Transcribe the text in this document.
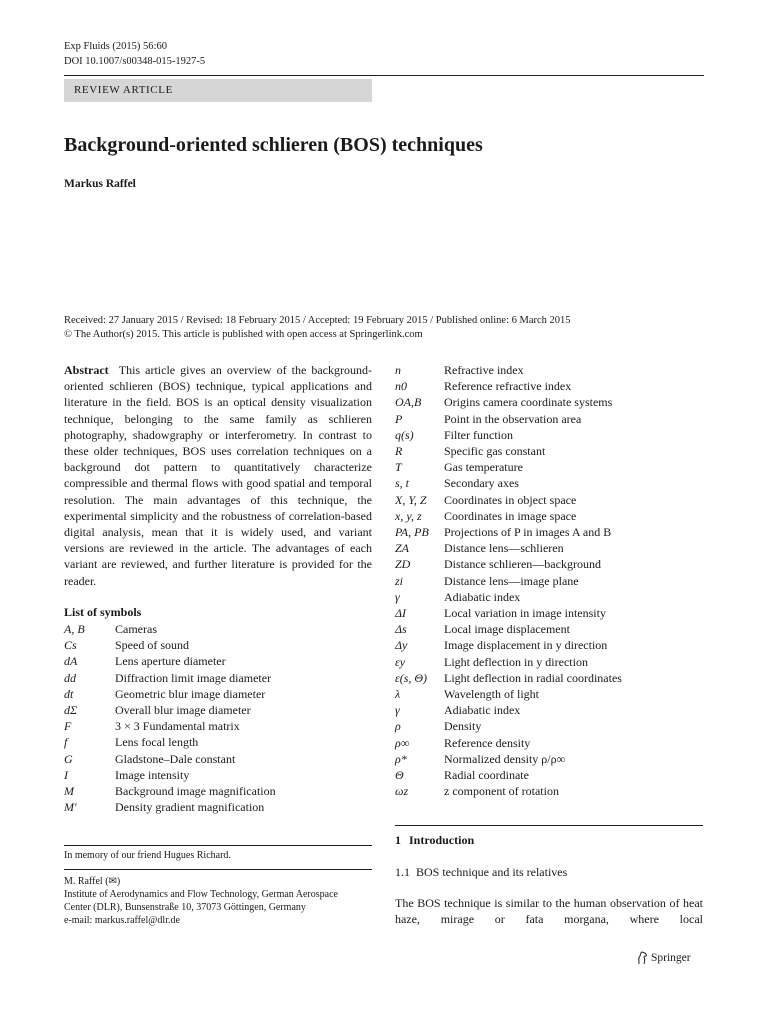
Exp Fluids (2015) 56:60
DOI 10.1007/s00348-015-1927-5
REVIEW ARTICLE
Background-oriented schlieren (BOS) techniques
Markus Raffel
Received: 27 January 2015 / Revised: 18 February 2015 / Accepted: 19 February 2015 / Published online: 6 March 2015
© The Author(s) 2015. This article is published with open access at Springerlink.com
Abstract This article gives an overview of the background-oriented schlieren (BOS) technique, typical applications and literature in the field. BOS is an optical density visualization technique, belonging to the same family as schlieren photography, shadowgraphy or interferometry. In contrast to these older techniques, BOS uses correlation techniques on a background dot pattern to quantitatively characterize compressible and thermal flows with good spatial and temporal resolution. The main advantages of this technique, the experimental simplicity and the robustness of correlation-based digital analysis, mean that it is widely used, and variant versions are reviewed in the article. The advantages of each variant are reviewed, and further literature is provided for the reader.
List of symbols
A, B	Cameras
Cs	Speed of sound
dA	Lens aperture diameter
dd	Diffraction limit image diameter
dt	Geometric blur image diameter
dΣ	Overall blur image diameter
F	3 × 3 Fundamental matrix
f	Lens focal length
G	Gladstone–Dale constant
I	Image intensity
M	Background image magnification
M′	Density gradient magnification
n	Refractive index
n0	Reference refractive index
OA,B	Origins camera coordinate systems
P	Point in the observation area
q(s)	Filter function
R	Specific gas constant
T	Gas temperature
s, t	Secondary axes
X, Y, Z	Coordinates in object space
x, y, z	Coordinates in image space
PA, PB	Projections of P in images A and B
ZA	Distance lens—schlieren
ZD	Distance schlieren—background
zi	Distance lens—image plane
γ	Adiabatic index
ΔI	Local variation in image intensity
Δs	Local image displacement
Δy	Image displacement in y direction
εy	Light deflection in y direction
ε(s, Θ)	Light deflection in radial coordinates
λ	Wavelength of light
γ	Adiabatic index
ρ	Density
ρ∞	Reference density
ρ*	Normalized density ρ/ρ∞
Θ	Radial coordinate
ωz	z component of rotation
In memory of our friend Hugues Richard.
M. Raffel (✉)
Institute of Aerodynamics and Flow Technology, German Aerospace
Center (DLR), Bunsenstraße 10, 37073 Göttingen, Germany
e-mail: markus.raffel@dlr.de
1 Introduction
1.1 BOS technique and its relatives
The BOS technique is similar to the human observation of heat haze, mirage or fata morgana, where local
Springer
